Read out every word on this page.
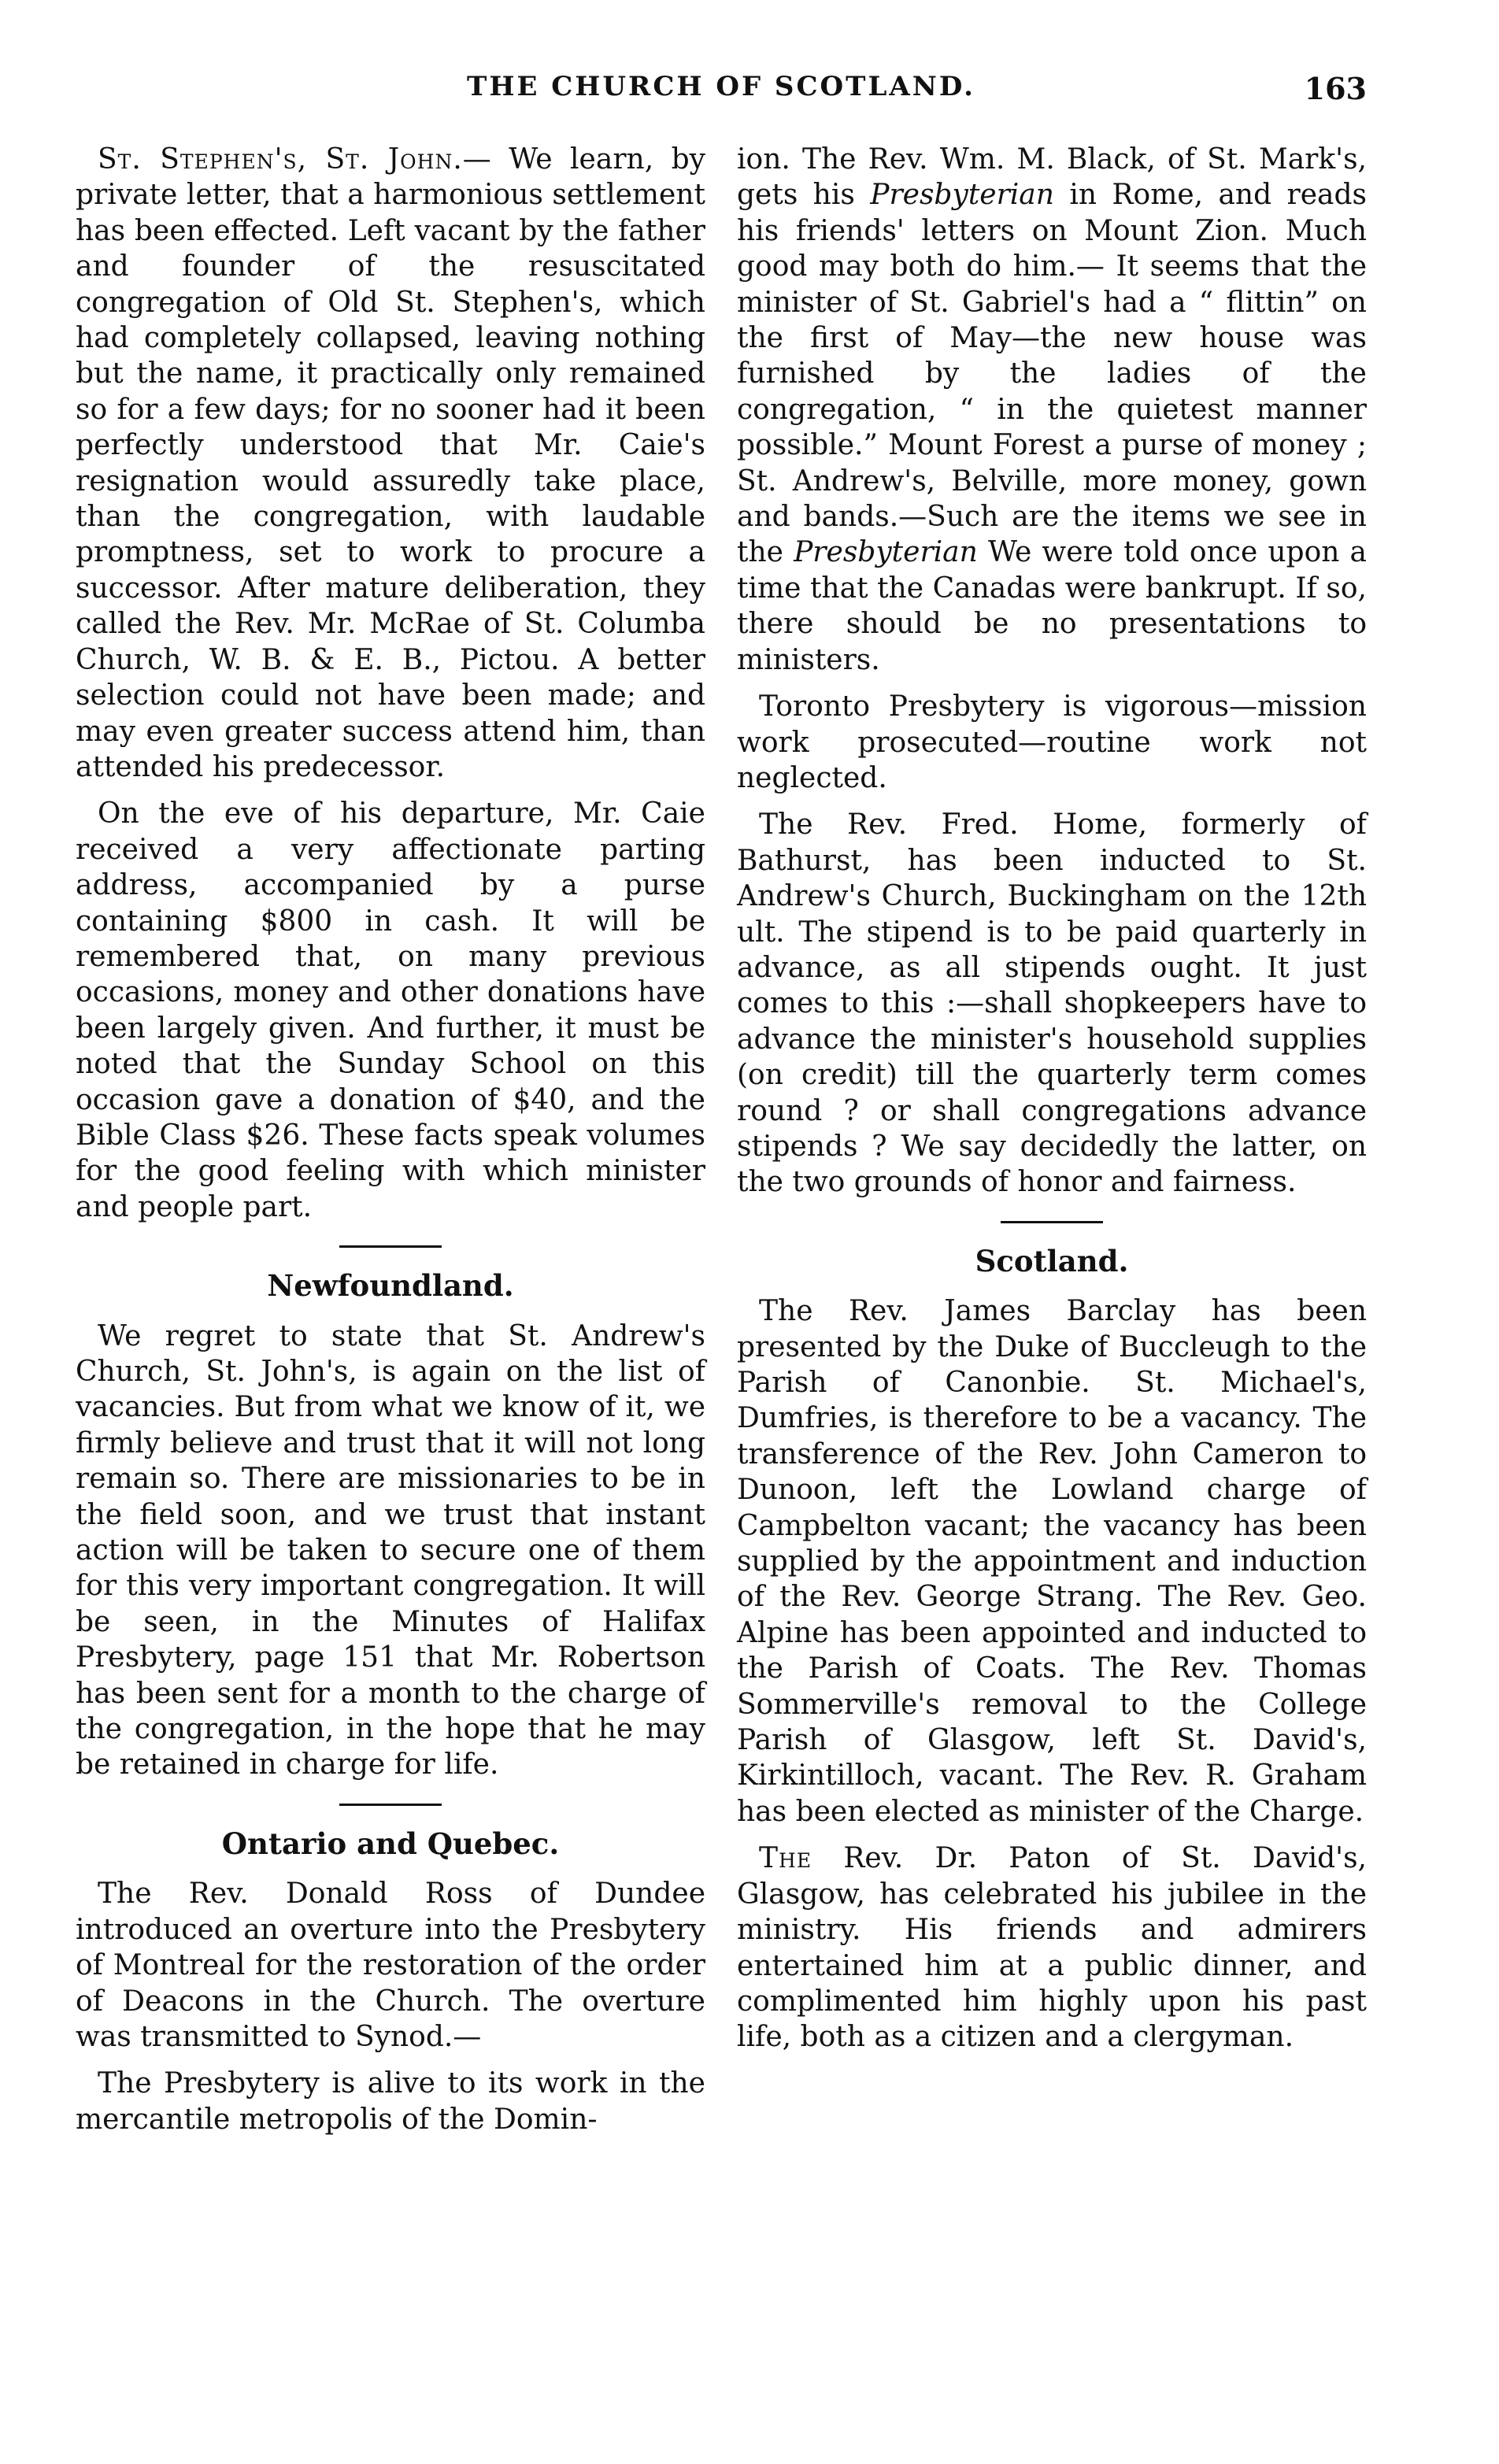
THE CHURCH OF SCOTLAND.	163

St. Stephen's, St. John.— We learn, by private letter, that a harmonious settlement has been effected. Left vacant by the father and founder of the resuscitated congregation of Old St. Stephen's, which had completely collapsed, leaving nothing but the name, it practically only remained so for a few days; for no sooner had it been perfectly understood that Mr. Caie's resignation would assuredly take place, than the congregation, with laudable promptness, set to work to procure a successor. After mature deliberation, they called the Rev. Mr. McRae of St. Columba Church, W. B. & E. B., Pictou. A better selection could not have been made; and may even greater success attend him, than attended his predecessor.

On the eve of his departure, Mr. Caie received a very affectionate parting address, accompanied by a purse containing $800 in cash. It will be remembered that, on many previous occasions, money and other donations have been largely given. And further, it must be noted that the Sunday School on this occasion gave a donation of $40, and the Bible Class $26. These facts speak volumes for the good feeling with which minister and people part.

Newfoundland.

We regret to state that St. Andrew's Church, St. John's, is again on the list of vacancies. But from what we know of it, we firmly believe and trust that it will not long remain so. There are missionaries to be in the field soon, and we trust that instant action will be taken to secure one of them for this very important congregation. It will be seen, in the Minutes of Halifax Presbytery, page 151 that Mr. Robertson has been sent for a month to the charge of the congregation, in the hope that he may be retained in charge for life.

Ontario and Quebec.

The Rev. Donald Ross of Dundee introduced an overture into the Presbytery of Montreal for the restoration of the order of Deacons in the Church. The overture was transmitted to Synod.—

The Presbytery is alive to its work in the mercantile metropolis of the Domin-

ion. The Rev. Wm. M. Black, of St. Mark's, gets his Presbyterian in Rome, and reads his friends' letters on Mount Zion. Much good may both do him.— It seems that the minister of St. Gabriel's had a “ flittin” on the first of May—the new house was furnished by the ladies of the congregation, “ in the quietest manner possible.” Mount Forest a purse of money ; St. Andrew's, Belville, more money, gown and bands.—Such are the items we see in the Presbyterian We were told once upon a time that the Canadas were bankrupt. If so, there should be no presentations to ministers.

Toronto Presbytery is vigorous—mission work prosecuted—routine work not neglected.

The Rev. Fred. Home, formerly of Bathurst, has been inducted to St. Andrew's Church, Buckingham on the 12th ult. The stipend is to be paid quarterly in advance, as all stipends ought. It just comes to this :—shall shopkeepers have to advance the minister's household supplies (on credit) till the quarterly term comes round ? or shall congregations advance stipends ? We say decidedly the latter, on the two grounds of honor and fairness.

Scotland.

The Rev. James Barclay has been presented by the Duke of Buccleugh to the Parish of Canonbie. St. Michael's, Dumfries, is therefore to be a vacancy. The transference of the Rev. John Cameron to Dunoon, left the Lowland charge of Campbelton vacant; the vacancy has been supplied by the appointment and induction of the Rev. George Strang. The Rev. Geo. Alpine has been appointed and inducted to the Parish of Coats. The Rev. Thomas Sommerville's removal to the College Parish of Glasgow, left St. David's, Kirkintilloch, vacant. The Rev. R. Graham has been elected as minister of the Charge.

The Rev. Dr. Paton of St. David's, Glasgow, has celebrated his jubilee in the ministry. His friends and admirers entertained him at a public dinner, and complimented him highly upon his past life, both as a citizen and a clergyman.
